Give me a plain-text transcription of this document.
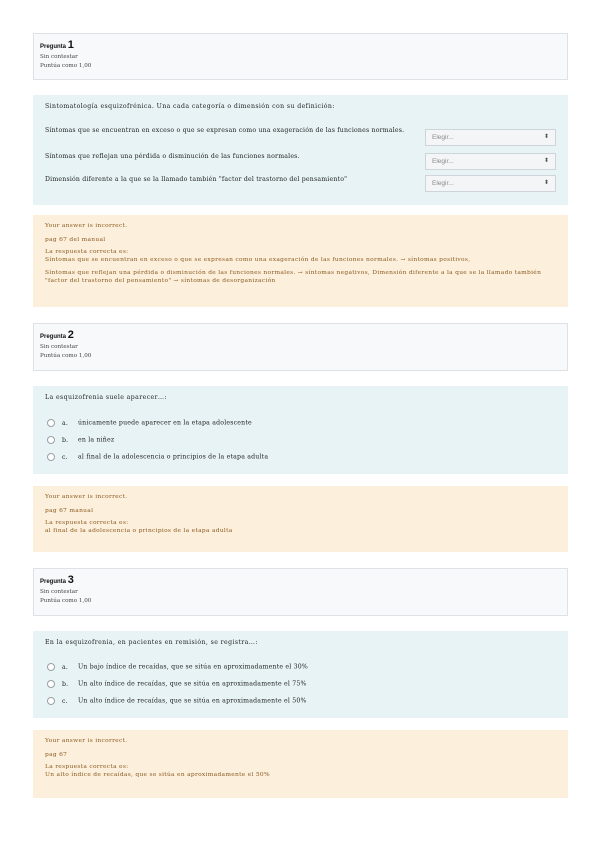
Pregunta 1
Sin contestar
Puntúa como 1,00
Sintomatología esquizofrénica. Una cada categoría o dimensión con su definición:
Síntomas que se encuentran en exceso o que se expresan como una exageración de las funciones normales.
Elegir...	⬍
Síntomas que reflejan una pérdida o disminución de las funciones normales.
Elegir...	⬍
Dimensión diferente a la que se la llamado también "factor del trastorno del pensamiento"
Elegir...	⬍

Your answer is incorrect.

pag 67 del manual

La respuesta correcta es:

Síntomas que se encuentran en exceso o que se expresan como una exageración de las funciones normales. → síntomas positivos,

Síntomas que reflejan una pérdida o disminución de las funciones normales. → síntomas negativos, Dimensión diferente a la que se la llamado también "factor del trastorno del pensamiento" → síntomas de desorganización

Pregunta 2
Sin contestar
Puntúa como 1,00
La esquizofrenia suele aparecer…:
a. únicamente puede aparecer en la etapa adolescente
b. en la niñez
c. al final de la adolescencia o principios de la etapa adulta

Your answer is incorrect.

pag 67 manual

La respuesta correcta es:

al final de la adolescencia o principios de la etapa adulta

Pregunta 3
Sin contestar
Puntúa como 1,00
En la esquizofrenia, en pacientes en remisión, se registra…:
a. Un bajo índice de recaídas, que se sitúa en aproximadamente el 30%
b. Un alto índice de recaídas, que se sitúa en aproximadamente el 75%
c. Un alto índice de recaídas, que se sitúa en aproximadamente el 50%

Your answer is incorrect.

pag 67

La respuesta correcta es:

Un alto índice de recaídas, que se sitúa en aproximadamente el 50%
